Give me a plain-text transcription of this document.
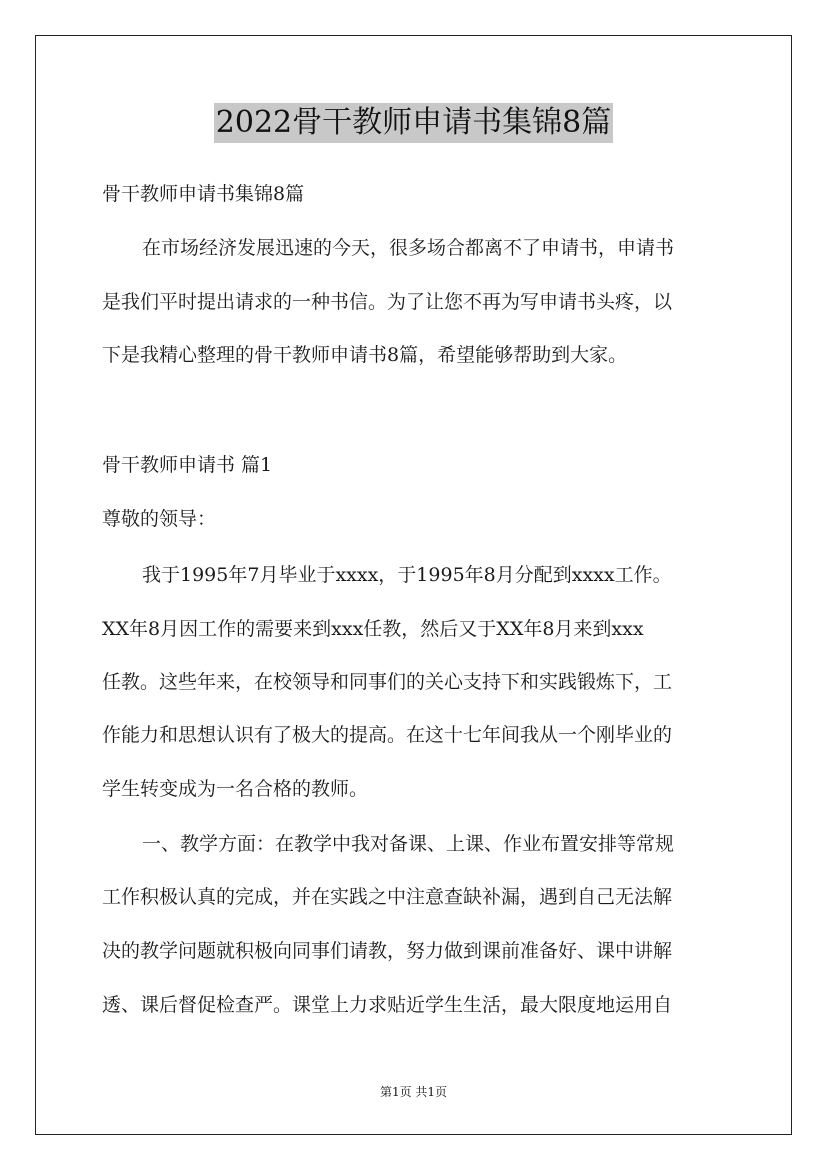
2022骨干教师申请书集锦8篇
骨干教师申请书集锦8篇
在市场经济发展迅速的今天，很多场合都离不了申请书，申请书
是我们平时提出请求的一种书信。为了让您不再为写申请书头疼，以
下是我精心整理的骨干教师申请书8篇，希望能够帮助到大家。
骨干教师申请书 篇1
尊敬的领导：
我于1995年7月毕业于xxxx，于1995年8月分配到xxxx工作。
XX年8月因工作的需要来到xxx任教，然后又于XX年8月来到xxx
任教。这些年来，在校领导和同事们的关心支持下和实践锻炼下，工
作能力和思想认识有了极大的提高。在这十七年间我从一个刚毕业的
学生转变成为一名合格的教师。
一、教学方面：在教学中我对备课、上课、作业布置安排等常规
工作积极认真的完成，并在实践之中注意查缺补漏，遇到自己无法解
决的教学问题就积极向同事们请教，努力做到课前准备好、课中讲解
透、课后督促检查严。课堂上力求贴近学生生活，最大限度地运用自
第1页 共1页
